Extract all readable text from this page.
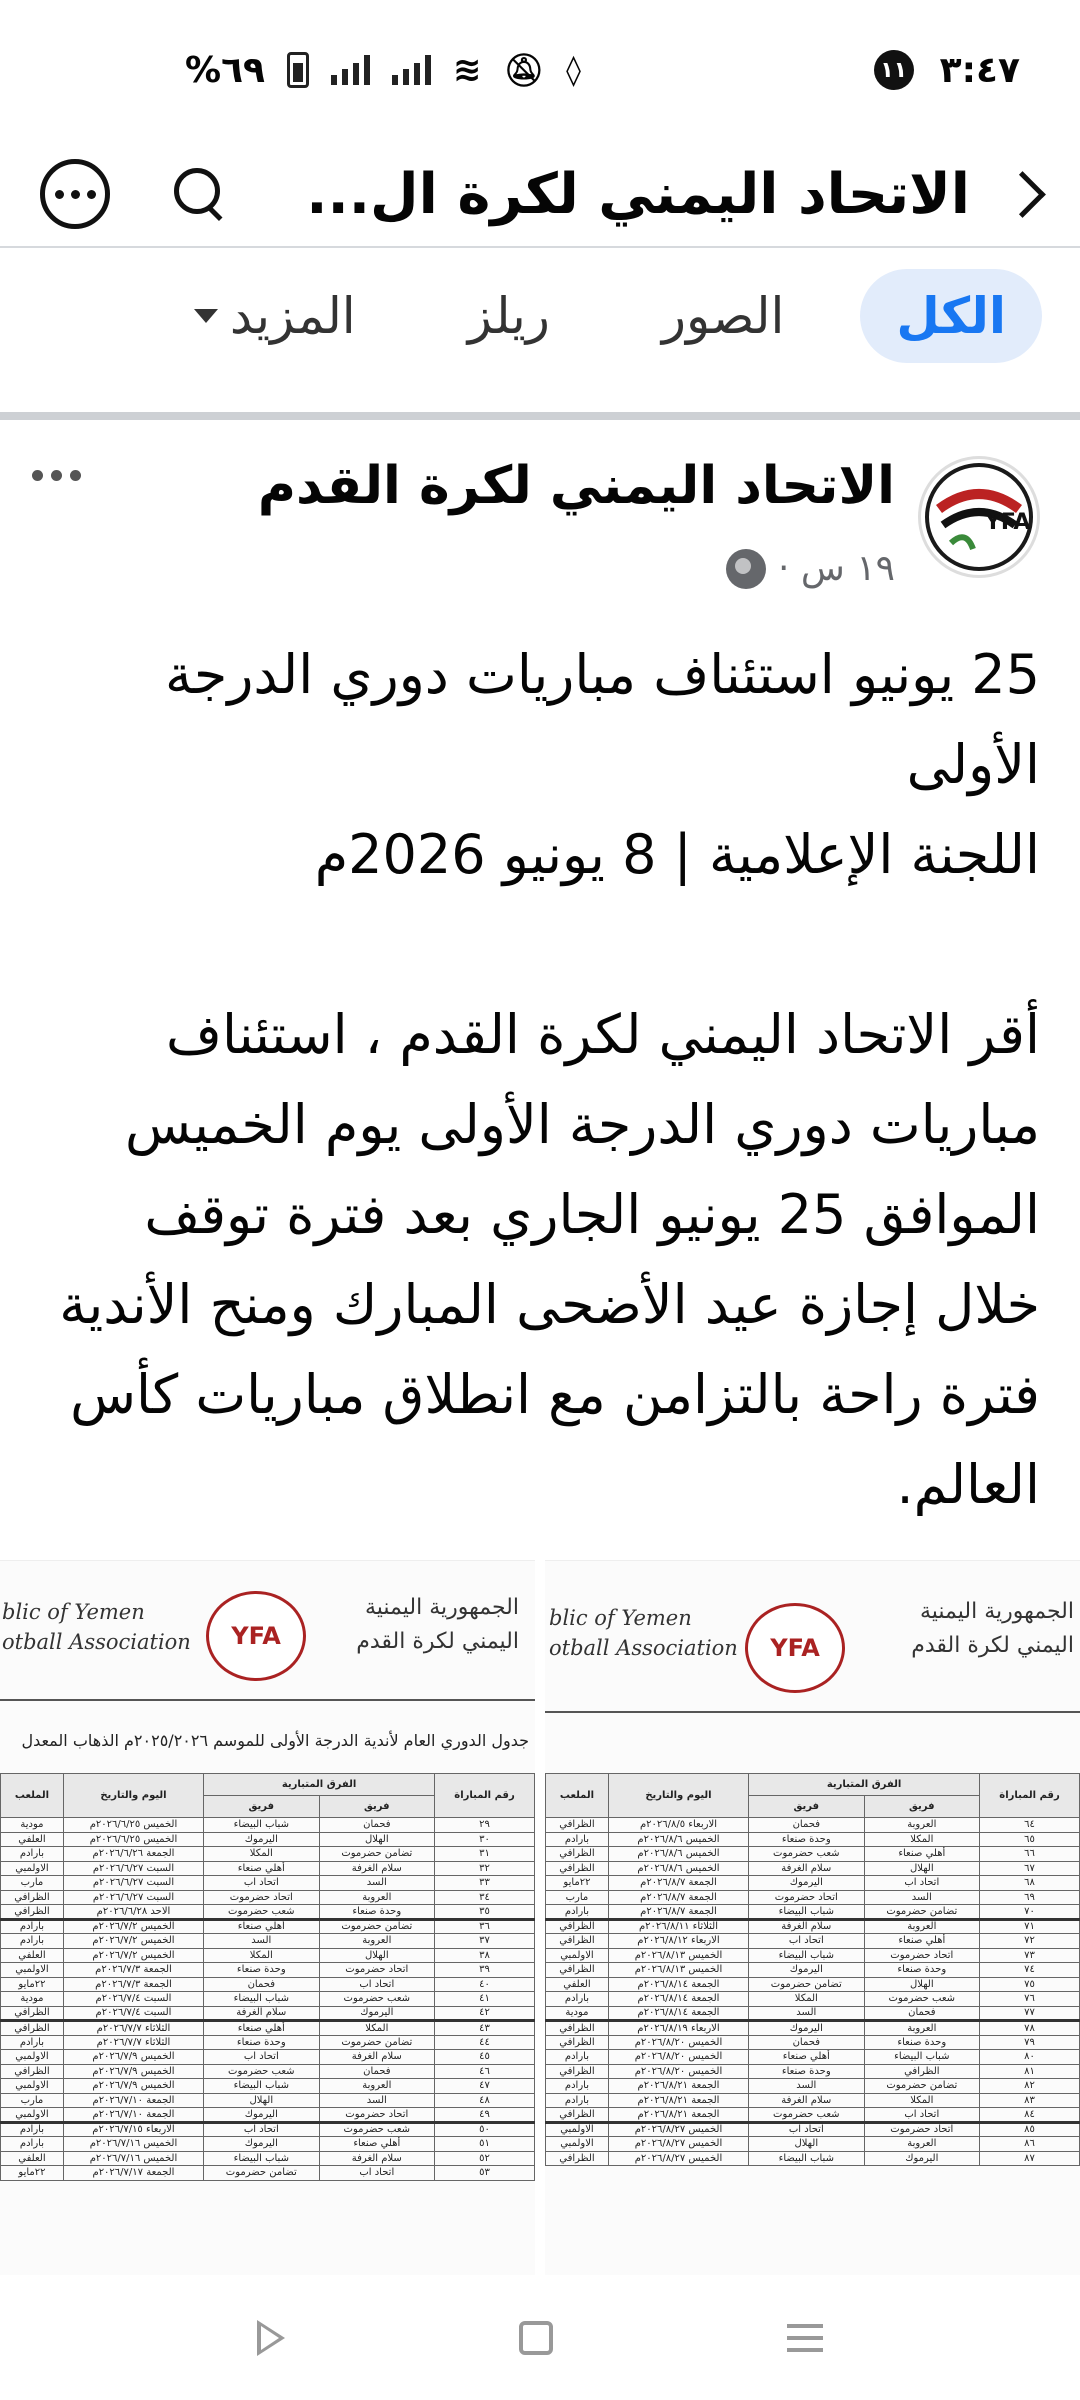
%٦٩	≋ 🔕︎ ◊	١١ ٣:٤٧
الاتحاد اليمني لكرة ال...
الكل
الصور
ريلز
المزيد
الاتحاد اليمني لكرة القدم
١٩ س ·
YFA

25 يونيو استئناف مباريات دوري الدرجة الأولى

اللجنة الإعلامية | 8 يونيو 2026م

أقر الاتحاد اليمني لكرة القدم ، استئناف مباريات دوري الدرجة الأولى يوم الخميس الموافق 25 يونيو الجاري بعد فترة توقف خلال إجازة عيد الأضحى المبارك ومنح الأندية فترة راحة بالتزامن مع انطلاق مباريات كأس العالم.

blic of Yemen
otball Association	YFA
الجمهورية اليمنية
اليمني لكرة القدم
جدول الدوري العام لأندية الدرجة الأولى للموسم ٢٠٢٥/٢٠٢٦م الذهاب المعدل
رقم المباراة	الفرق المتبارية		اليوم والتاريخ	الملعب
	فريق	فريق		
٢٩	فحمان	شباب البيضاء	الخميس ٢٠٢٦/٦/٢٥م	مودية
٣٠	الهلال	اليرموك	الخميس ٢٠٢٦/٦/٢٥م	العلفي
٣١	تضامن حضرموت	المكلا	الجمعة ٢٠٢٦/٦/٢٦م	بارادم
٣٢	سلام الغرفة	أهلي صنعاء	السبت ٢٠٢٦/٦/٢٧م	الاولمبي
٣٣	السد	اتحاد اب	السبت ٢٠٢٦/٦/٢٧م	مارب
٣٤	العروبة	اتحاد حضرموت	السبت ٢٠٢٦/٦/٢٧م	الظرافي
٣٥	وحدة صنعاء	شعب حضرموت	الاحد ٢٠٢٦/٦/٢٨م	الظرافي
٣٦	تضامن حضرموت	أهلي صنعاء	الخميس ٢٠٢٦/٧/٢م	بارادم
٣٧	العروبة	السد	الخميس ٢٠٢٦/٧/٢م	بارادم
٣٨	الهلال	المكلا	الخميس ٢٠٢٦/٧/٢م	العلفي
٣٩	اتحاد حضرموت	وحدة صنعاء	الجمعة ٢٠٢٦/٧/٣م	الاولمبي
٤٠	اتحاد اب	فحمان	الجمعة ٢٠٢٦/٧/٣م	٢٢مايو
٤١	شعب حضرموت	شباب البيضاء	السبت ٢٠٢٦/٧/٤م	مودية
٤٢	اليرموك	سلام الغرفة	السبت ٢٠٢٦/٧/٤م	الظرافي
٤٣	المكلا	أهلي صنعاء	الثلاثاء ٢٠٢٦/٧/٧م	الظرافي
٤٤	تضامن حضرموت	وحدة صنعاء	الثلاثاء ٢٠٢٦/٧/٧م	بارادم
٤٥	سلام الغرفة	اتحاد اب	الخميس ٢٠٢٦/٧/٩م	الاولمبي
٤٦	فحمان	شعب حضرموت	الخميس ٢٠٢٦/٧/٩م	الظرافي
٤٧	العروبة	شباب البيضاء	الخميس ٢٠٢٦/٧/٩م	الاولمبي
٤٨	السد	الهلال	الجمعة ٢٠٢٦/٧/١٠م	مارب
٤٩	اتحاد حضرموت	اليرموك	الجمعة ٢٠٢٦/٧/١٠م	الاولمبي
٥٠	شعب حضرموت	اتحاد اب	الاربعاء ٢٠٢٦/٧/١٥م	بارادم
٥١	أهلي صنعاء	اليرموك	الخميس ٢٠٢٦/٧/١٦م	بارادم
٥٢	سلام الغرفة	شباب البيضاء	الخميس ٢٠٢٦/٧/١٦م	العلفي
٥٣	اتحاد اب	تضامن حضرموت	الجمعة ٢٠٢٦/٧/١٧م	٢٢مايو
blic of Yemen
otball Association	YFA
الجمهورية اليمنية
اليمني لكرة القدم
رقم المباراة	الفرق المتبارية		اليوم والتاريخ	الملعب
	فريق	فريق		
٦٤	العروبة	فحمان	الاربعاء ٢٠٢٦/٨/٥م	الظرافي
٦٥	المكلا	وحدة صنعاء	الخميس ٢٠٢٦/٨/٦م	بارادم
٦٦	أهلي صنعاء	شعب حضرموت	الخميس ٢٠٢٦/٨/٦م	الظرافي
٦٧	الهلال	سلام الغرفة	الخميس ٢٠٢٦/٨/٦م	الظرافي
٦٨	اتحاد اب	اليرموك	الجمعة ٢٠٢٦/٨/٧م	٢٢مايو
٦٩	السد	اتحاد حضرموت	الجمعة ٢٠٢٦/٨/٧م	مارب
٧٠	تضامن حضرموت	شباب البيضاء	الجمعة ٢٠٢٦/٨/٧م	بارادم
٧١	العروبة	سلام الغرفة	الثلاثاء ٢٠٢٦/٨/١١م	الظرافي
٧٢	أهلي صنعاء	اتحاد اب	الاربعاء ٢٠٢٦/٨/١٢م	الظرافي
٧٣	اتحاد حضرموت	شباب البيضاء	الخميس ٢٠٢٦/٨/١٣م	الاولمبي
٧٤	وحدة صنعاء	اليرموك	الخميس ٢٠٢٦/٨/١٣م	الظرافي
٧٥	الهلال	تضامن حضرموت	الجمعة ٢٠٢٦/٨/١٤م	العلفي
٧٦	شعب حضرموت	المكلا	الجمعة ٢٠٢٦/٨/١٤م	بارادم
٧٧	فحمان	السد	الجمعة ٢٠٢٦/٨/١٤م	مودية
٧٨	العروبة	اليرموك	الاربعاء ٢٠٢٦/٨/١٩م	الظرافي
٧٩	وحدة صنعاء	فحمان	الخميس ٢٠٢٦/٨/٢٠م	الظرافي
٨٠	شباب البيضاء	أهلي صنعاء	الخميس ٢٠٢٦/٨/٢٠م	بارادم
٨١	الظرافي	وحدة صنعاء	الخميس ٢٠٢٦/٨/٢٠م	الظرافي
٨٢	تضامن حضرموت	السد	الجمعة ٢٠٢٦/٨/٢١م	بارادم
٨٣	المكلا	سلام الغرفة	الجمعة ٢٠٢٦/٨/٢١م	بارادم
٨٤	اتحاد اب	شعب حضرموت	الجمعة ٢٠٢٦/٨/٢١م	الظرافي
٨٥	اتحاد حضرموت	اتحاد اب	الخميس ٢٠٢٦/٨/٢٧م	الاولمبي
٨٦	العروبة	الهلال	الخميس ٢٠٢٦/٨/٢٧م	الاولمبي
٨٧	اليرموك	شباب البيضاء	الخميس ٢٠٢٦/٨/٢٧م	الظرافي
